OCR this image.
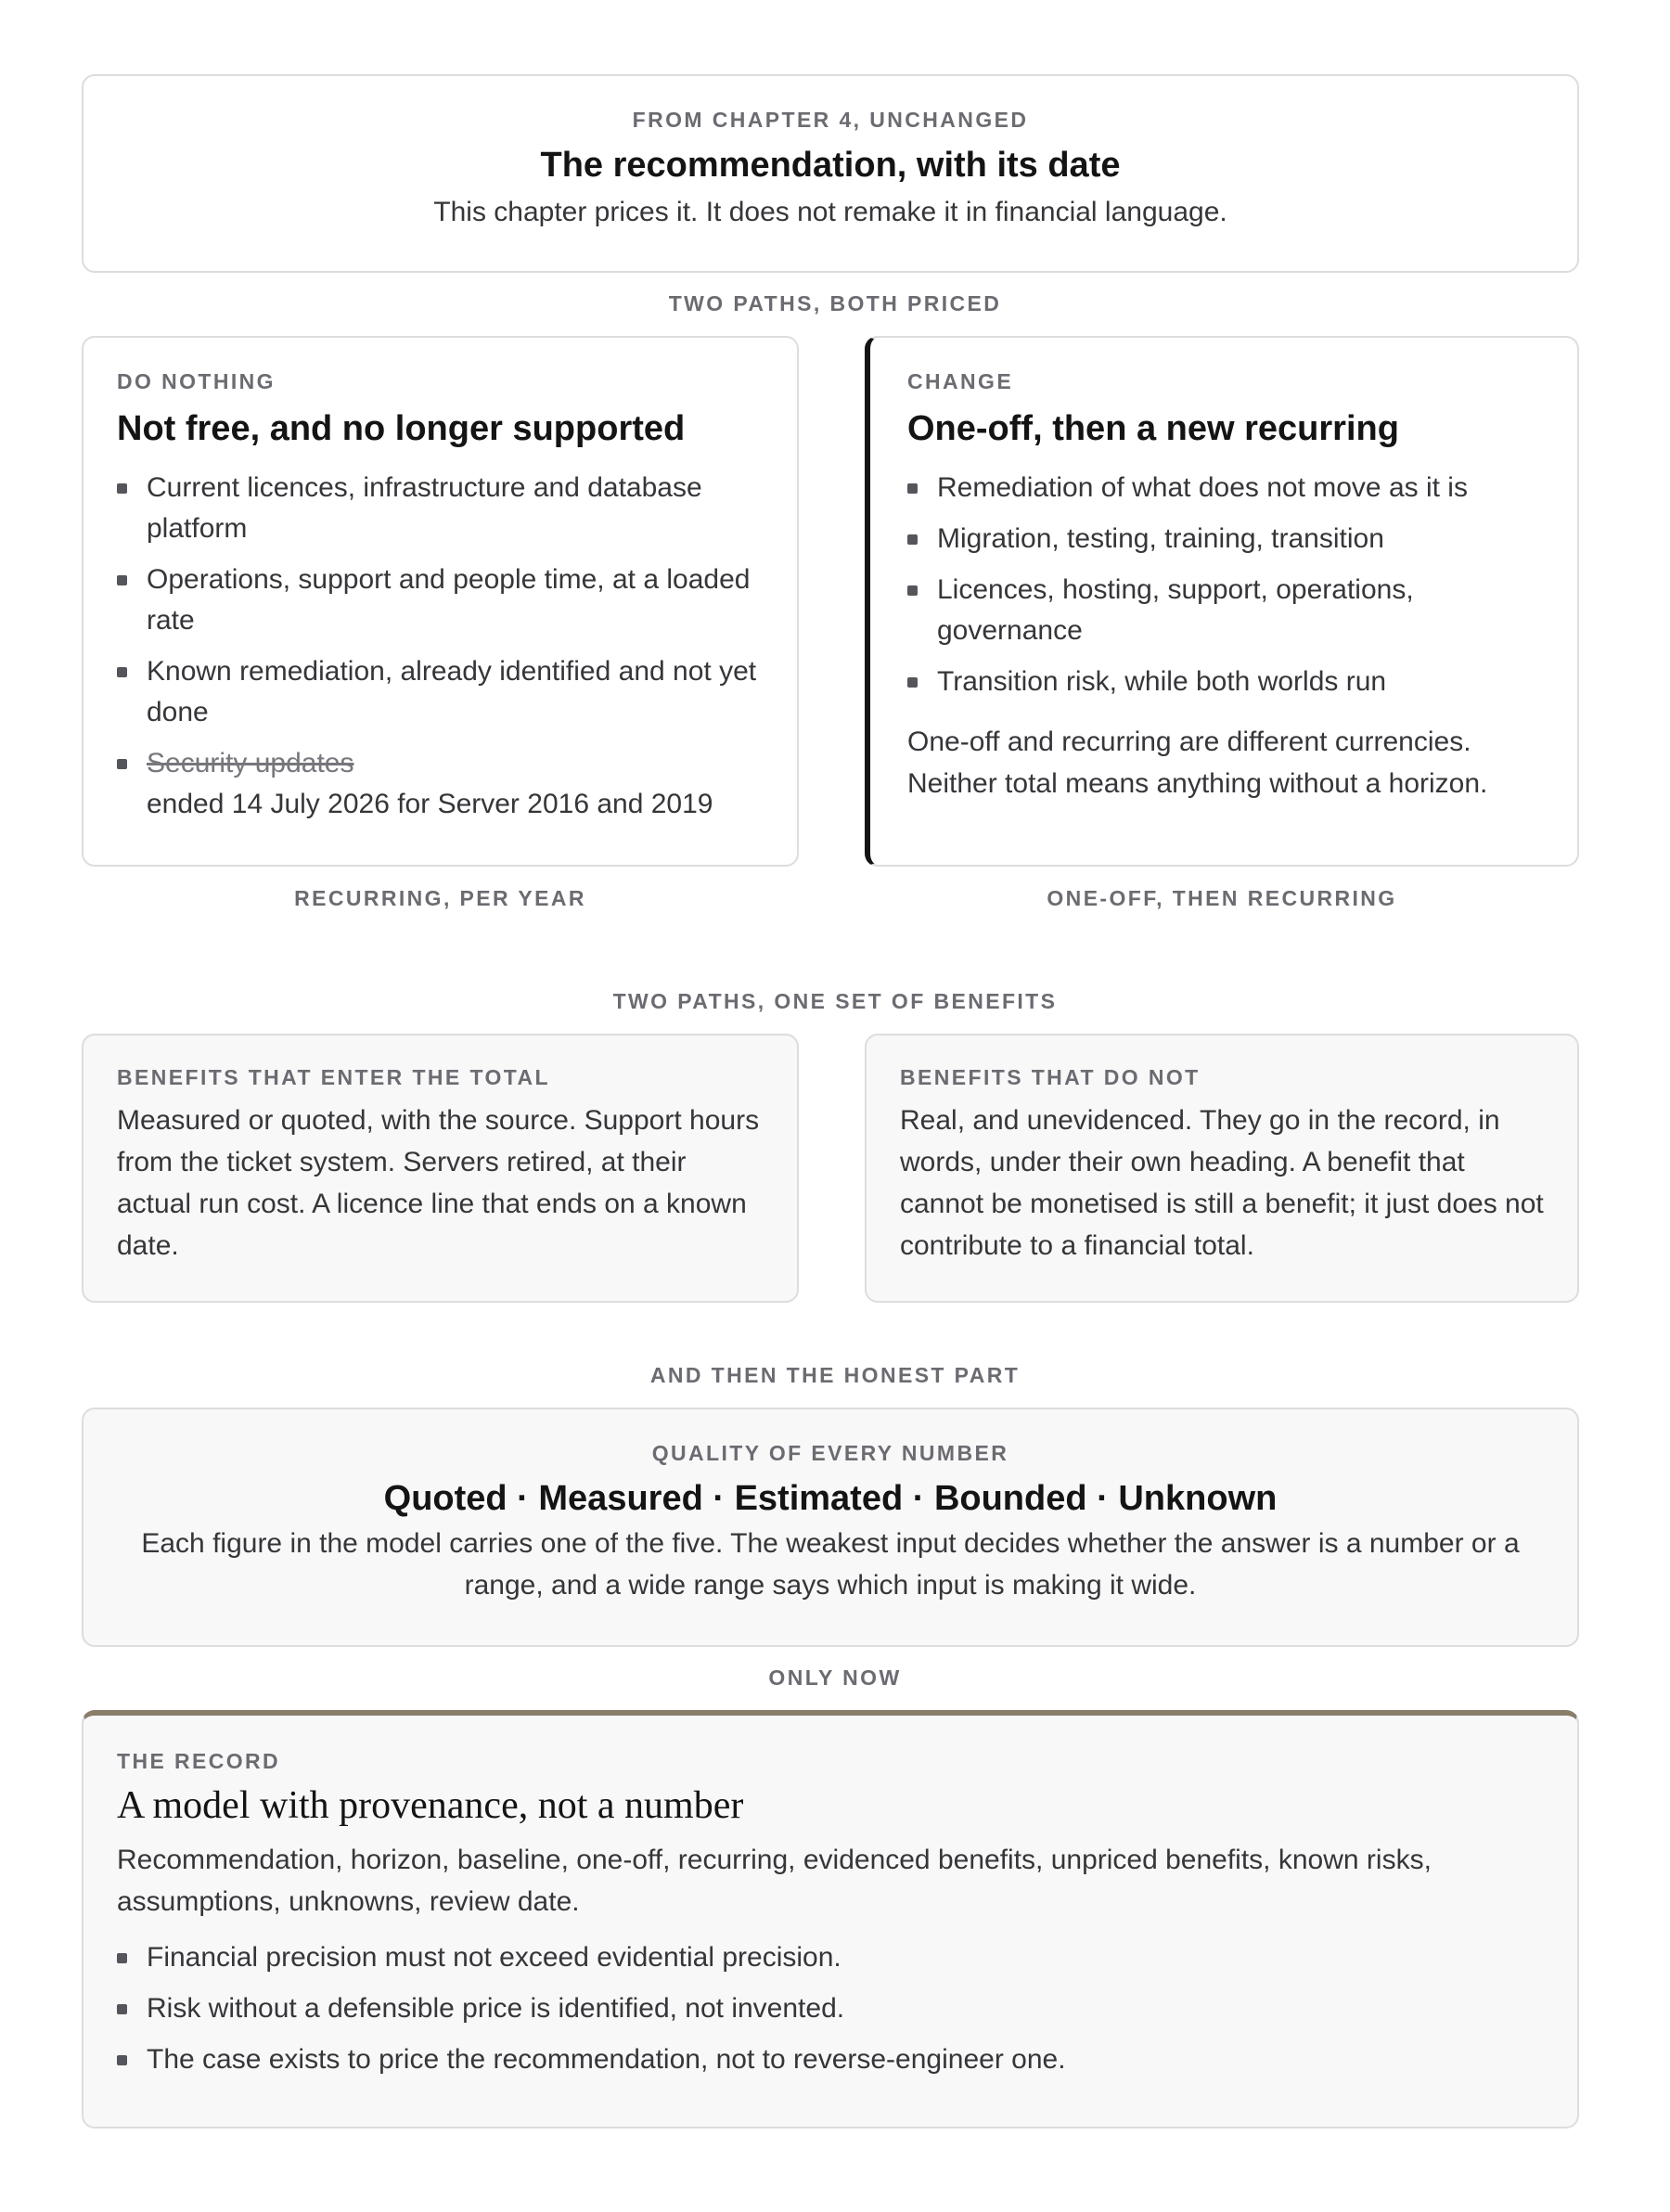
FROM CHAPTER 4, UNCHANGED
The recommendation, with its date
This chapter prices it. It does not remake it in financial language.
TWO PATHS, BOTH PRICED
DO NOTHING
Not free, and no longer supported
Current licences, infrastructure and database platform
Operations, support and people time, at a loaded rate
Known remediation, already identified and not yet done
Security updates
ended 14 July 2026 for Server 2016 and 2019
CHANGE
One-off, then a new recurring
Remediation of what does not move as it is
Migration, testing, training, transition
Licences, hosting, support, operations, governance
Transition risk, while both worlds run
One-off and recurring are different currencies. Neither total means anything without a horizon.
RECURRING, PER YEAR	ONE-OFF, THEN RECURRING
TWO PATHS, ONE SET OF BENEFITS
BENEFITS THAT ENTER THE TOTAL
Measured or quoted, with the source. Support hours from the ticket system. Servers retired, at their actual run cost. A licence line that ends on a known date.
BENEFITS THAT DO NOT
Real, and unevidenced. They go in the record, in words, under their own heading. A benefit that cannot be monetised is still a benefit; it just does not contribute to a financial total.
AND THEN THE HONEST PART
QUALITY OF EVERY NUMBER
Quoted · Measured · Estimated · Bounded · Unknown
Each figure in the model carries one of the five. The weakest input decides whether the answer is a number or a range, and a wide range says which input is making it wide.
ONLY NOW
THE RECORD
A model with provenance, not a number
Recommendation, horizon, baseline, one-off, recurring, evidenced benefits, unpriced benefits, known risks, assumptions, unknowns, review date.
Financial precision must not exceed evidential precision.
Risk without a defensible price is identified, not invented.
The case exists to price the recommendation, not to reverse-engineer one.
